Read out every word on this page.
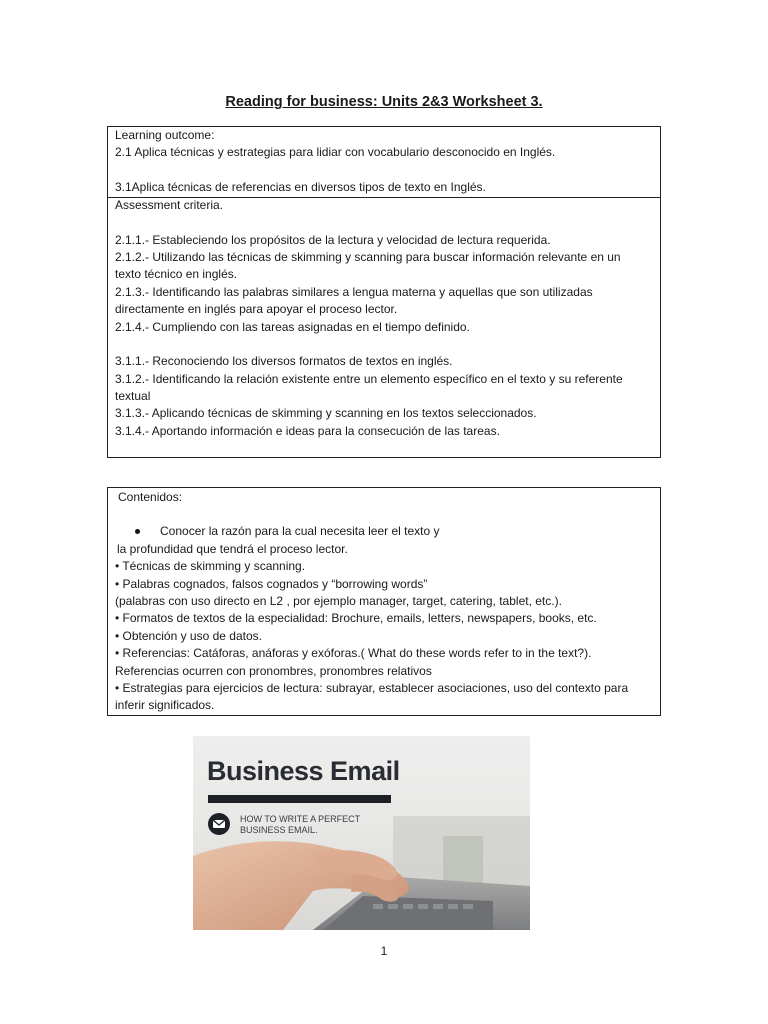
Reading for business: Units 2&3 Worksheet 3.
Learning outcome:
2.1 Aplica técnicas y estrategias para lidiar con vocabulario desconocido en Inglés.
3.1Aplica técnicas de referencias en diversos tipos de texto en Inglés.
Assessment criteria.
2.1.1.- Estableciendo los propósitos de la lectura y velocidad de lectura requerida.
2.1.2.- Utilizando las técnicas de skimming y scanning para buscar información relevante en un
texto técnico en inglés.
2.1.3.- Identificando las palabras similares a lengua materna y aquellas que son utilizadas
directamente en inglés para apoyar el proceso lector.
2.1.4.- Cumpliendo con las tareas asignadas en el tiempo definido.
3.1.1.- Reconociendo los diversos formatos de textos en inglés.
3.1.2.- Identificando la relación existente entre un elemento específico en el texto y su referente
textual
3.1.3.- Aplicando técnicas de skimming y scanning en los textos seleccionados.
3.1.4.- Aportando información e ideas para la consecución de las tareas.
Contenidos:
Conocer la razón para la cual necesita leer el texto y
la profundidad que tendrá el proceso lector.
• Técnicas de skimming y scanning.
• Palabras cognados, falsos cognados y “borrowing words”
(palabras con uso directo en L2 , por ejemplo manager, target, catering, tablet, etc.).
• Formatos de textos de la especialidad: Brochure, emails, letters, newspapers, books, etc.
• Obtención y uso de datos.
• Referencias: Catáforas, anáforas y exóforas.( What do these words refer to in the text?).
Referencias ocurren con pronombres, pronombres relativos
• Estrategias para ejercicios de lectura: subrayar, establecer asociaciones, uso del contexto para
inferir significados.
Business Email
HOW TO WRITE A PERFECT
BUSINESS EMAIL.
1
